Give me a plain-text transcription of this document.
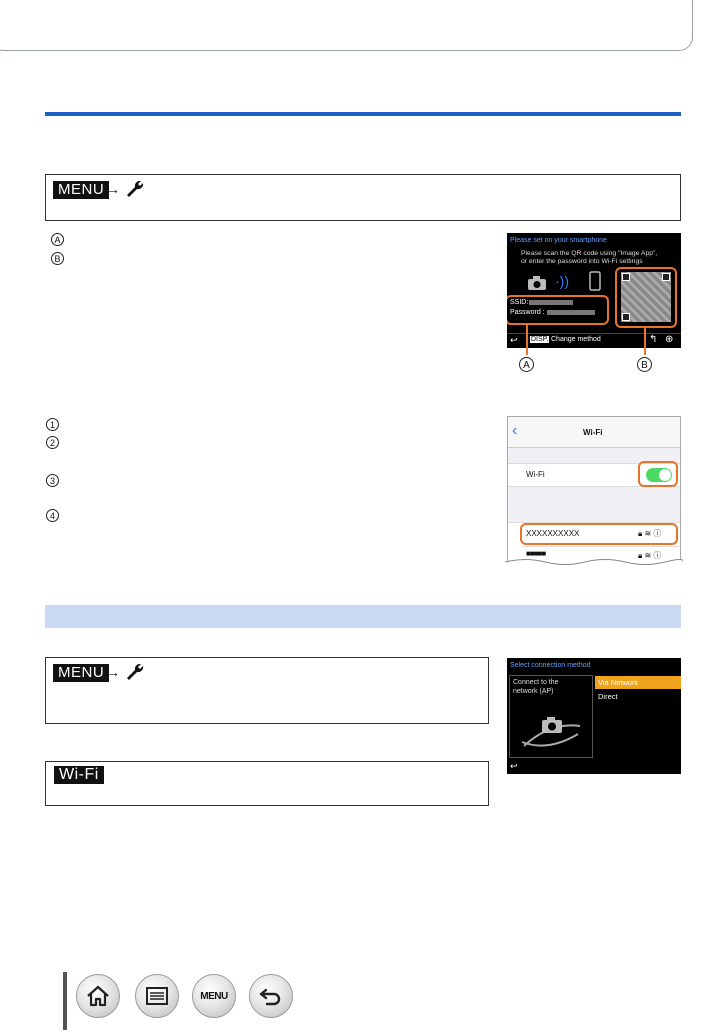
MENU →
A
B
Please set on your smartphone
Please scan the QR code using "Image App",
or enter the password into Wi-Fi settings
·))
SSID:
Password :
↩ DISP. Change method	↰ ⊕
A	B
1
2
3
4
‹	Wi-Fi
Wi-Fi
XXXXXXXXXX	🔒︎ ≋ ⓘ
■■■■■	🔒︎ ≋ ⓘ
MENU →
Wi-Fi
Select connection method
Connect to the
network (AP)
Via Network
Direct
↩
MENU
